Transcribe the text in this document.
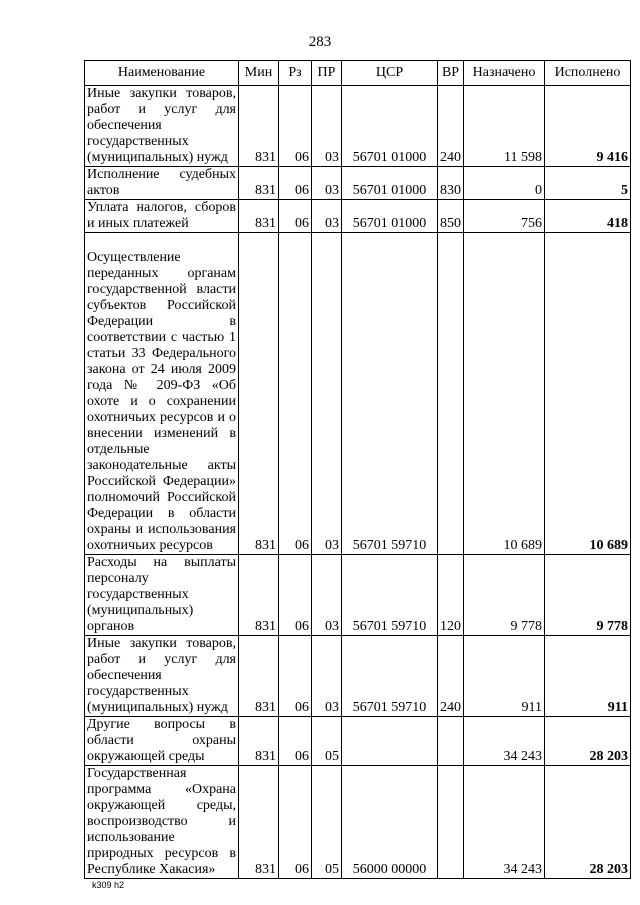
283
Наименование	Мин	Рз	ПР	ЦСР	ВР	Назначено	Исполнено
Иные закупки товаров, работ и услуг для обеспечения государственных (муниципальных) нужд	831	06	03	56701 01000	240	11 598	9 416
Исполнение судебных актов	831	06	03	56701 01000	830	0	5
Уплата налогов, сборов и иных платежей	831	06	03	56701 01000	850	756	418
Осуществление переданных органам государственной власти субъектов Российской Федерации в соответствии с частью 1 статьи 33 Федерального закона от 24 июля 2009 года № 209-ФЗ «Об охоте и о сохранении охотничьих ресурсов и о внесении изменений в отдельные законодательные акты Российской Федерации» полномочий Российской Федерации в области охраны и использования охотничьих ресурсов	831	06	03	56701 59710		10 689	10 689
Расходы на выплаты персоналу государственных (муниципальных) органов	831	06	03	56701 59710	120	9 778	9 778
Иные закупки товаров, работ и услуг для обеспечения государственных (муниципальных) нужд	831	06	03	56701 59710	240	911	911
Другие вопросы в области охраны окружающей среды	831	06	05			34 243	28 203
Государственная программа «Охрана окружающей среды, воспроизводство и использование природных ресурсов в Республике Хакасия»	831	06	05	56000 00000		34 243	28 203
k309 h2
